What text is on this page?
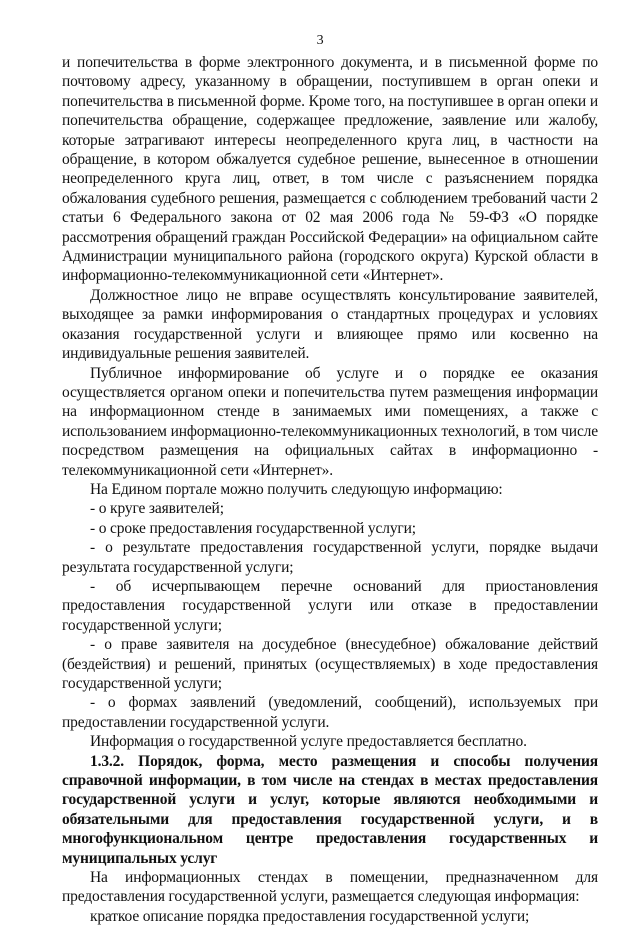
3

и попечительства в форме электронного документа, и в письменной форме по почтовому адресу, указанному в обращении, поступившем в орган опеки и попечительства в письменной форме. Кроме того, на поступившее в орган опеки и попечительства обращение, содержащее предложение, заявление или жалобу, которые затрагивают интересы неопределенного круга лиц, в частности на обращение, в котором обжалуется судебное решение, вынесенное в отношении неопределенного круга лиц, ответ, в том числе с разъяснением порядка обжалования судебного решения, размещается с соблюдением требований части 2 статьи 6 Федерального закона от 02 мая 2006 года № 59-ФЗ «О порядке рассмотрения обращений граждан Российской Федерации» на официальном сайте Администрации муниципального района (городского округа) Курской области в информационно-телекоммуникационной сети «Интернет».

Должностное лицо не вправе осуществлять консультирование заявителей, выходящее за рамки информирования о стандартных процедурах и условиях оказания государственной услуги и влияющее прямо или косвенно на индивидуальные решения заявителей.

Публичное информирование об услуге и о порядке ее оказания осуществляется органом опеки и попечительства путем размещения информации на информационном стенде в занимаемых ими помещениях, а также с использованием информационно-телекоммуникационных технологий, в том числе посредством размещения на официальных сайтах в информационно - телекоммуникационной сети «Интернет».

На Едином портале можно получить следующую информацию:

- о круге заявителей;

- о сроке предоставления государственной услуги;

- о результате предоставления государственной услуги, порядке выдачи результата государственной услуги;

- об исчерпывающем перечне оснований для приостановления предоставления государственной услуги или отказе в предоставлении государственной услуги;

- о праве заявителя на досудебное (внесудебное) обжалование действий (бездействия) и решений, принятых (осуществляемых) в ходе предоставления государственной услуги;

- о формах заявлений (уведомлений, сообщений), используемых при предоставлении государственной услуги.

Информация о государственной услуге предоставляется бесплатно.

1.3.2. Порядок, форма, место размещения и способы получения справочной информации, в том числе на стендах в местах предоставления государственной услуги и услуг, которые являются необходимыми и обязательными для предоставления государственной услуги, и в многофункциональном центре предоставления государственных и муниципальных услуг

На информационных стендах в помещении, предназначенном для предоставления государственной услуги, размещается следующая информация:

краткое описание порядка предоставления государственной услуги;
